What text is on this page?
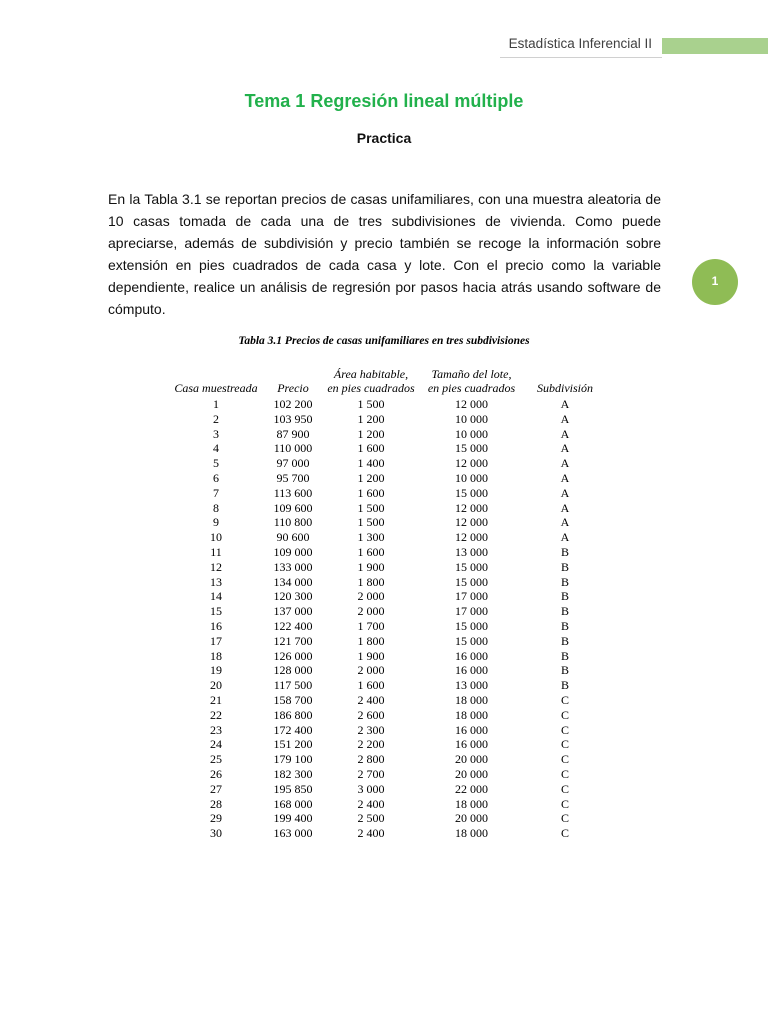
Estadística Inferencial II
1
Tema 1 Regresión lineal múltiple
Practica

En la Tabla 3.1 se reportan precios de casas unifamiliares, con una muestra aleatoria de 10 casas tomada de cada una de tres subdivisiones de vivienda. Como puede apreciarse, además de subdivisión y precio también se recoge la información sobre extensión en pies cuadrados de cada casa y lote. Con el precio como la variable dependiente, realice un análisis de regresión por pasos hacia atrás usando software de cómputo.

Tabla 3.1 Precios de casas unifamiliares en tres subdivisiones
Casa muestreada	Precio	Área habitable,
en pies cuadrados	Tamaño del lote,
en pies cuadrados	Subdivisión
1	102 200	1 500	12 000	A
2	103 950	1 200	10 000	A
3	87 900	1 200	10 000	A
4	110 000	1 600	15 000	A
5	97 000	1 400	12 000	A
6	95 700	1 200	10 000	A
7	113 600	1 600	15 000	A
8	109 600	1 500	12 000	A
9	110 800	1 500	12 000	A
10	90 600	1 300	12 000	A
11	109 000	1 600	13 000	B
12	133 000	1 900	15 000	B
13	134 000	1 800	15 000	B
14	120 300	2 000	17 000	B
15	137 000	2 000	17 000	B
16	122 400	1 700	15 000	B
17	121 700	1 800	15 000	B
18	126 000	1 900	16 000	B
19	128 000	2 000	16 000	B
20	117 500	1 600	13 000	B
21	158 700	2 400	18 000	C
22	186 800	2 600	18 000	C
23	172 400	2 300	16 000	C
24	151 200	2 200	16 000	C
25	179 100	2 800	20 000	C
26	182 300	2 700	20 000	C
27	195 850	3 000	22 000	C
28	168 000	2 400	18 000	C
29	199 400	2 500	20 000	C
30	163 000	2 400	18 000	C
